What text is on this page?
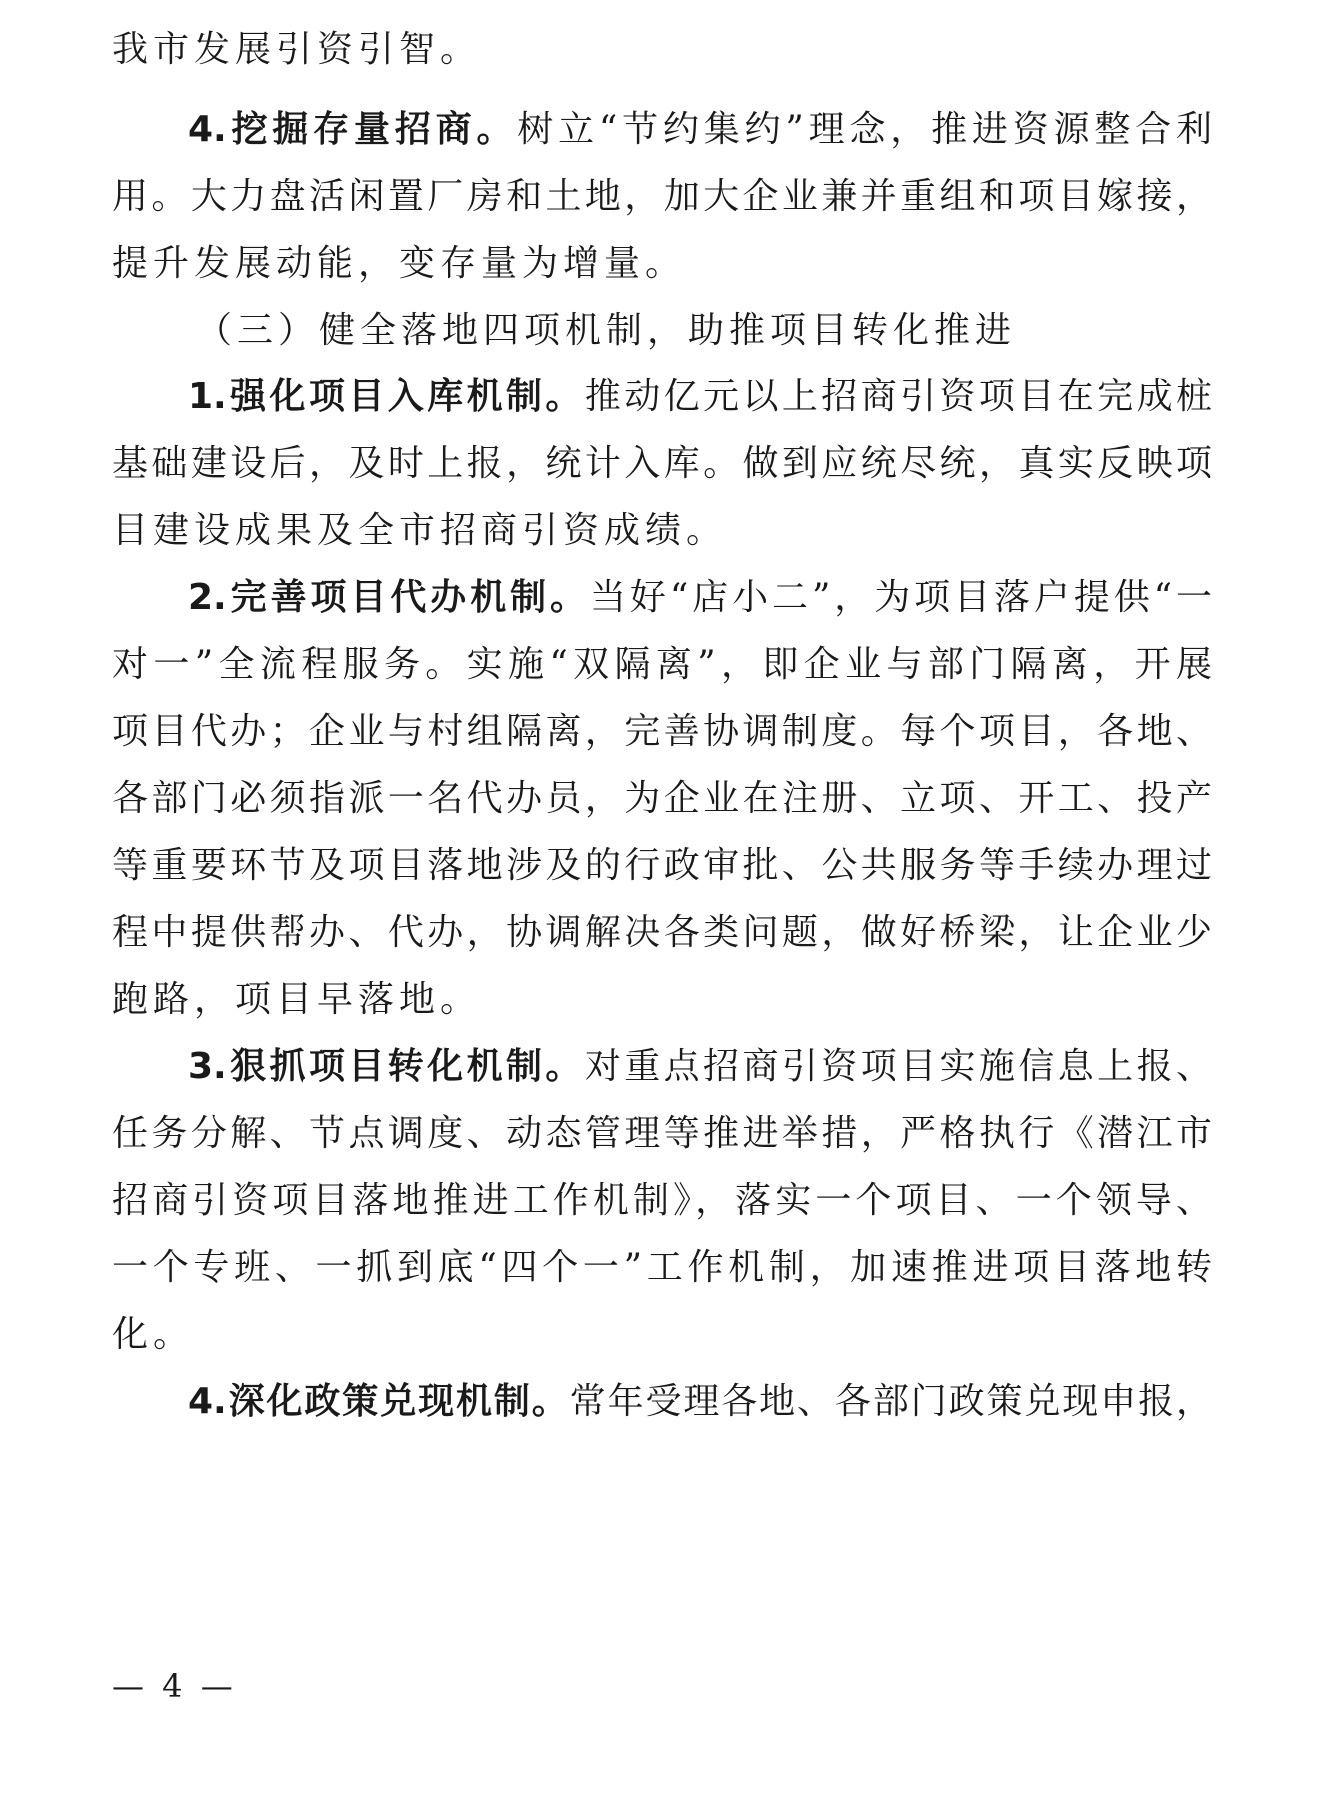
我市发展引资引智。
4.挖掘存量招商。树立“节约集约”理念，推进资源整合利
用。大力盘活闲置厂房和土地，加大企业兼并重组和项目嫁接，
提升发展动能，变存量为增量。
（三）健全落地四项机制，助推项目转化推进
1.强化项目入库机制。推动亿元以上招商引资项目在完成桩
基础建设后，及时上报，统计入库。做到应统尽统，真实反映项
目建设成果及全市招商引资成绩。
2.完善项目代办机制。当好“店小二”，为项目落户提供“一
对一”全流程服务。实施“双隔离”，即企业与部门隔离，开展
项目代办；企业与村组隔离，完善协调制度。每个项目，各地、
各部门必须指派一名代办员，为企业在注册、立项、开工、投产
等重要环节及项目落地涉及的行政审批、公共服务等手续办理过
程中提供帮办、代办，协调解决各类问题，做好桥梁，让企业少
跑路，项目早落地。
3.狠抓项目转化机制。对重点招商引资项目实施信息上报、
任务分解、节点调度、动态管理等推进举措，严格执行《潜江市
招商引资项目落地推进工作机制》，落实一个项目、一个领导、
一个专班、一抓到底“四个一”工作机制，加速推进项目落地转
化。
4.深化政策兑现机制。常年受理各地、各部门政策兑现申报，
— 4 —
